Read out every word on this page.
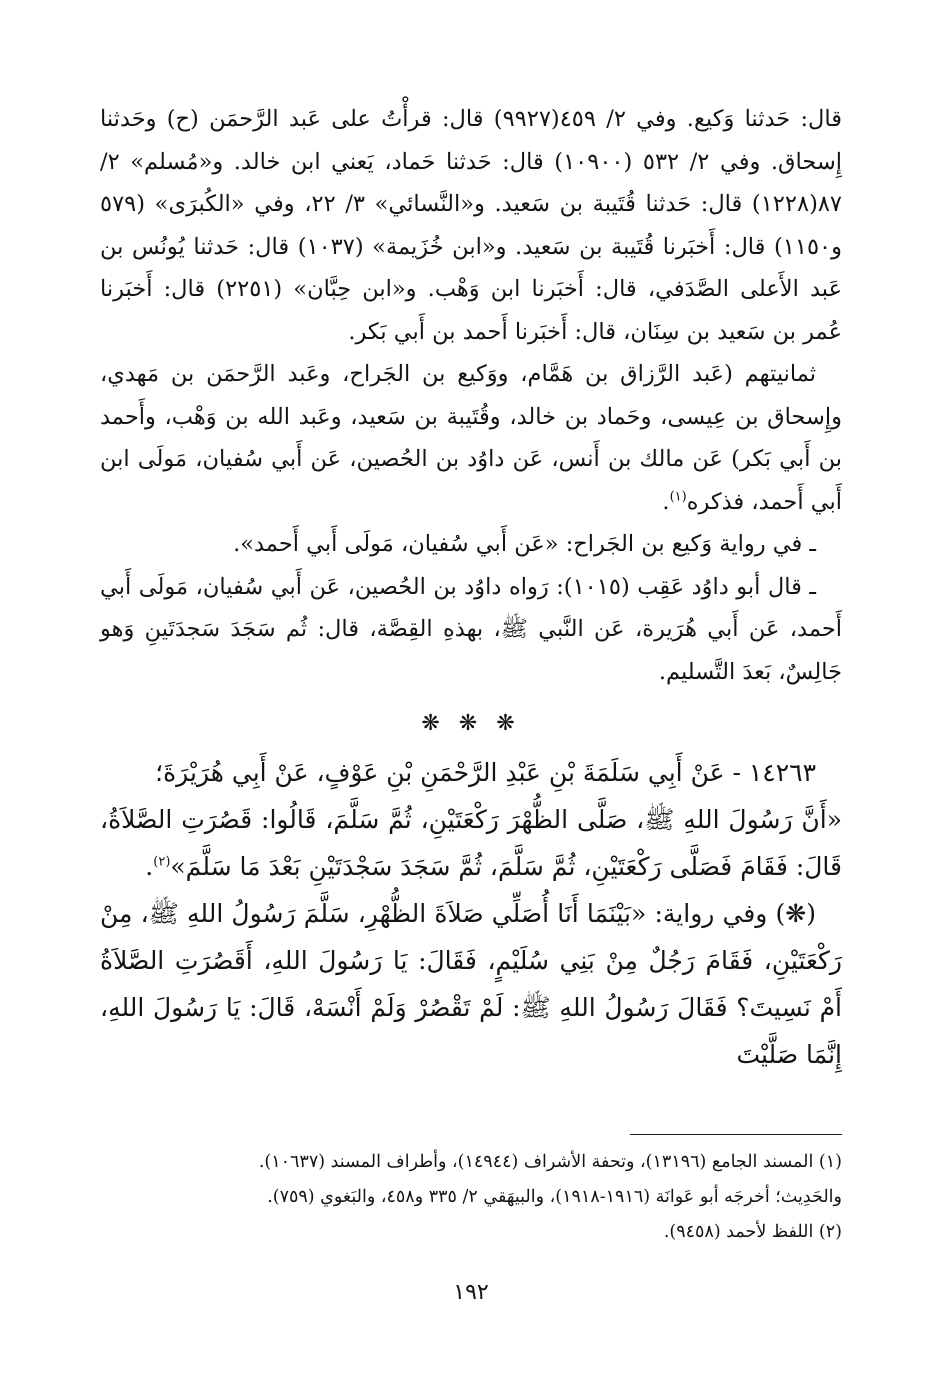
قال: حَدثنا وَكيع. وفي ٢/ ٤٥٩(٩٩٢٧) قال: قرأْتُ على عَبد الرَّحمَن (ح) وحَدثنا إِسحاق. وفي ٢/ ٥٣٢ (١٠٩٠٠) قال: حَدثنا حَماد، يَعني ابن خالد. و«مُسلم» ٢/ ٨٧(١٢٢٨) قال: حَدثنا قُتَيبة بن سَعيد. و«النَّسائي» ٣/ ٢٢، وفي «الكُبرَى» (٥٧٩ و١١٥٠) قال: أَخبَرنا قُتَيبة بن سَعيد. و«ابن خُزَيمة» (١٠٣٧) قال: حَدثنا يُونُس بن عَبد الأَعلى الصَّدَفي، قال: أَخبَرنا ابن وَهْب. و«ابن حِبَّان» (٢٢٥١) قال: أَخبَرنا عُمر بن سَعيد بن سِنَان، قال: أَخبَرنا أَحمد بن أَبي بَكر.

ثمانيتهم (عَبد الرَّزاق بن هَمَّام، ووَكيع بن الجَراح، وعَبد الرَّحمَن بن مَهدي، وإِسحاق بن عِيسى، وحَماد بن خالد، وقُتَيبة بن سَعيد، وعَبد الله بن وَهْب، وأَحمد بن أَبي بَكر) عَن مالك بن أَنس، عَن داوُد بن الحُصين، عَن أَبي سُفيان، مَولَى ابن أَبي أَحمد، فذكره$^{(١)}$.

ـ في رواية وَكيع بن الجَراح: «عَن أَبي سُفيان، مَولَى أَبي أَحمد».

ـ قال أبو داوُد عَقِب (١٠١٥): رَواه داوُد بن الحُصين، عَن أَبي سُفيان، مَولَى أَبي أَحمد، عَن أَبي هُرَيرة، عَن النَّبي ﷺ، بهذهِ القِصَّة، قال: ثُم سَجَدَ سَجدَتَينِ وَهو جَالِسٌ، بَعدَ التَّسليم.

❋ ❋ ❋

١٤٢٦٣ - عَنْ أَبِي سَلَمَةَ بْنِ عَبْدِ الرَّحْمَنِ بْنِ عَوْفٍ، عَنْ أَبِي هُرَيْرَةَ؛

«أَنَّ رَسُولَ اللهِ ﷺ، صَلَّى الظُّهْرَ رَكْعَتَيْنِ، ثُمَّ سَلَّمَ، قَالُوا: قَصُرَتِ الصَّلاَةُ، قَالَ: فَقَامَ فَصَلَّى رَكْعَتَيْنِ، ثُمَّ سَلَّمَ، ثُمَّ سَجَدَ سَجْدَتَيْنِ بَعْدَ مَا سَلَّمَ»$^{(٢)}$.

(❋) وفي رواية: «بَيْنَمَا أَنَا أُصَلِّي صَلاَةَ الظُّهْرِ، سَلَّمَ رَسُولُ اللهِ ﷺ، مِنْ رَكْعَتَيْنِ، فَقَامَ رَجُلٌ مِنْ بَنِي سُلَيْمٍ، فَقَالَ: يَا رَسُولَ اللهِ، أَقَصُرَتِ الصَّلاَةُ أَمْ نَسِيتَ؟ فَقَالَ رَسُولُ اللهِ ﷺ: لَمْ تَقْصُرْ وَلَمْ أَنْسَهْ، قَالَ: يَا رَسُولَ اللهِ، إِنَّمَا صَلَّيْتَ

(١) المسند الجامع (١٣١٩٦)، وتحفة الأشراف (١٤٩٤٤)، وأطراف المسند (١٠٦٣٧).

والحَدِيث؛ أخرجَه أبو عَوانَة (١٩١٦-١٩١٨)، والبيهَقي ٢/ ٣٣٥ و٤٥٨، والبَغوي (٧٥٩).

(٢) اللفظ لأحمد (٩٤٥٨).

١٩٢
